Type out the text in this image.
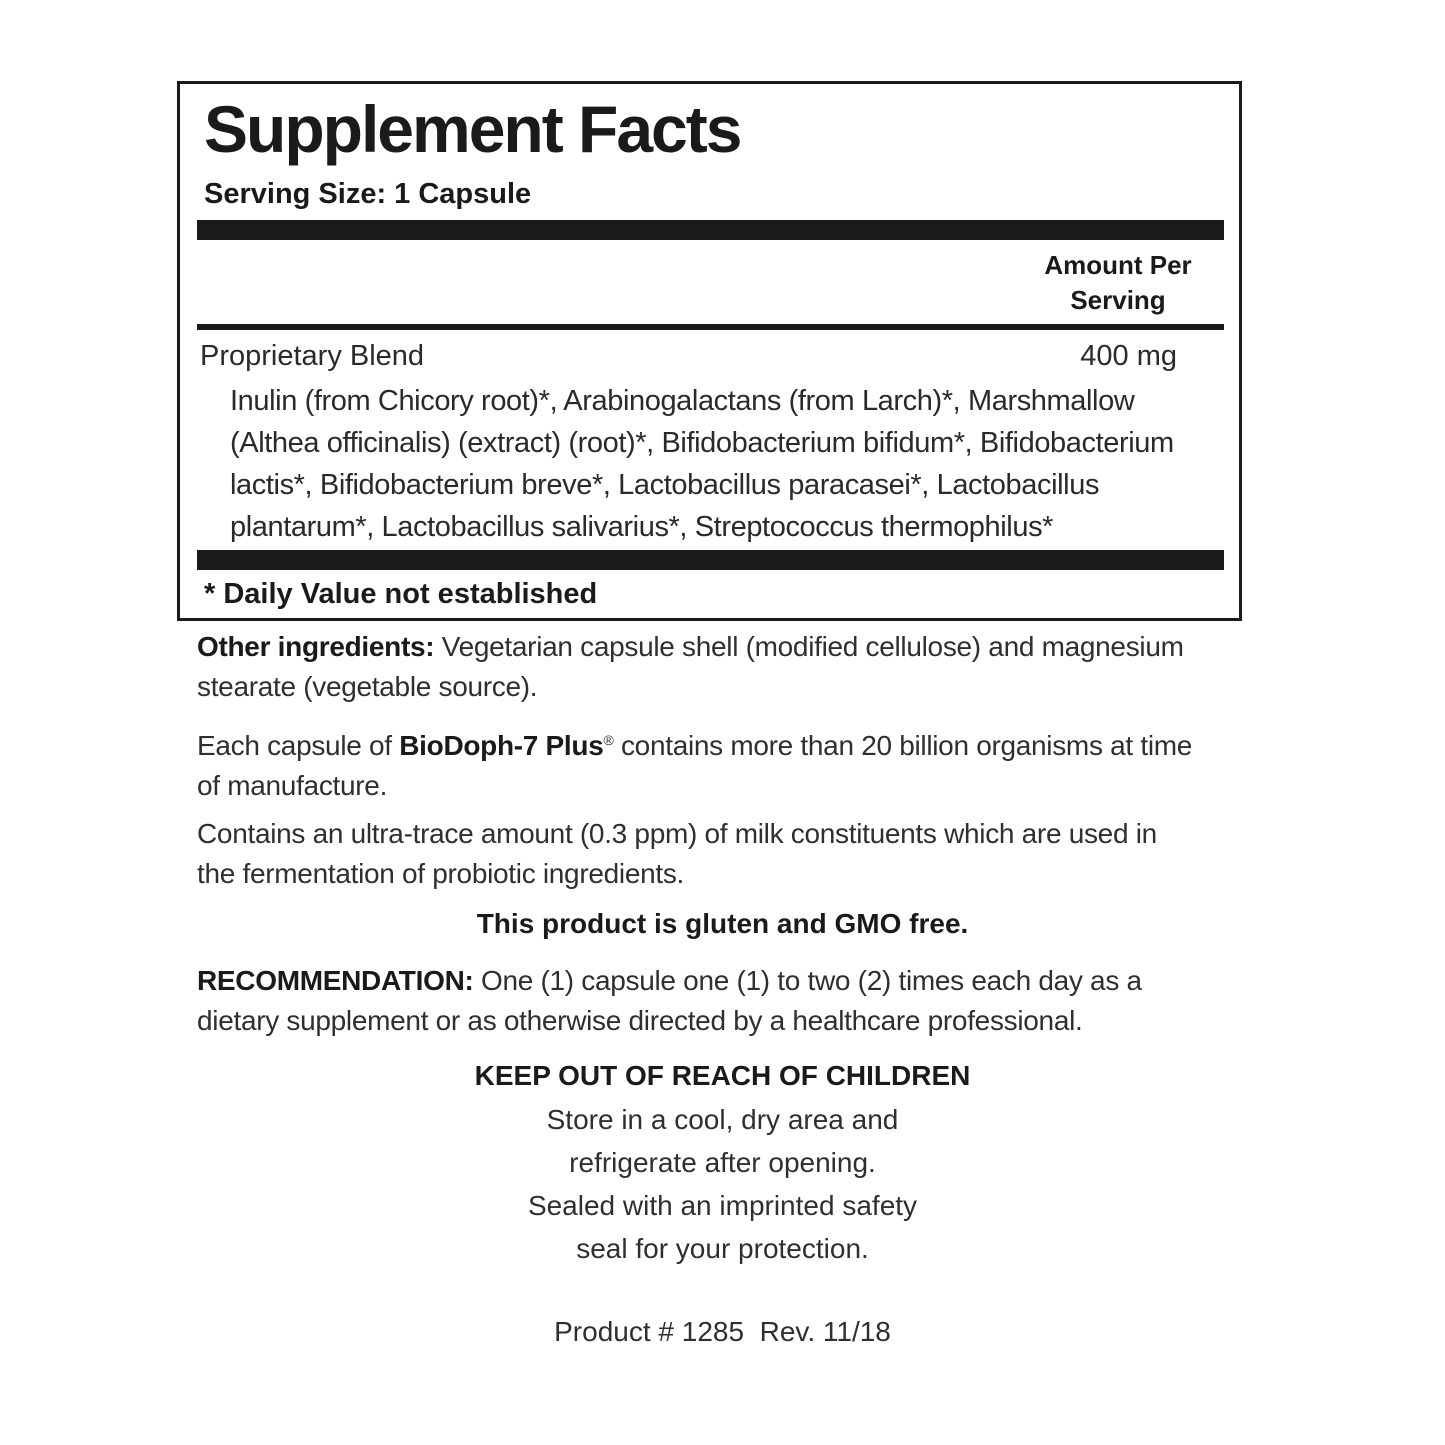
Supplement Facts
Serving Size: 1 Capsule
Amount Per
Serving
Proprietary Blend	400 mg
Inulin (from Chicory root)*, Arabinogalactans (from Larch)*, Marshmallow (Althea officinalis) (extract) (root)*, Bifidobacterium bifidum*, Bifidobacterium lactis*, Bifidobacterium breve*, Lactobacillus paracasei*, Lactobacillus plantarum*, Lactobacillus salivarius*, Streptococcus thermophilus*
* Daily Value not established
Other ingredients: Vegetarian capsule shell (modified cellulose) and magnesium stearate (vegetable source).
Each capsule of BioDoph-7 Plus® contains more than 20 billion organisms at time of manufacture.
Contains an ultra-trace amount (0.3 ppm) of milk constituents which are used in the fermentation of probiotic ingredients.
This product is gluten and GMO free.
RECOMMENDATION: One (1) capsule one (1) to two (2) times each day as a dietary supplement or as otherwise directed by a healthcare professional.
KEEP OUT OF REACH OF CHILDREN
Store in a cool, dry area and
refrigerate after opening.
Sealed with an imprinted safety
seal for your protection.
Product # 1285  Rev. 11/18
